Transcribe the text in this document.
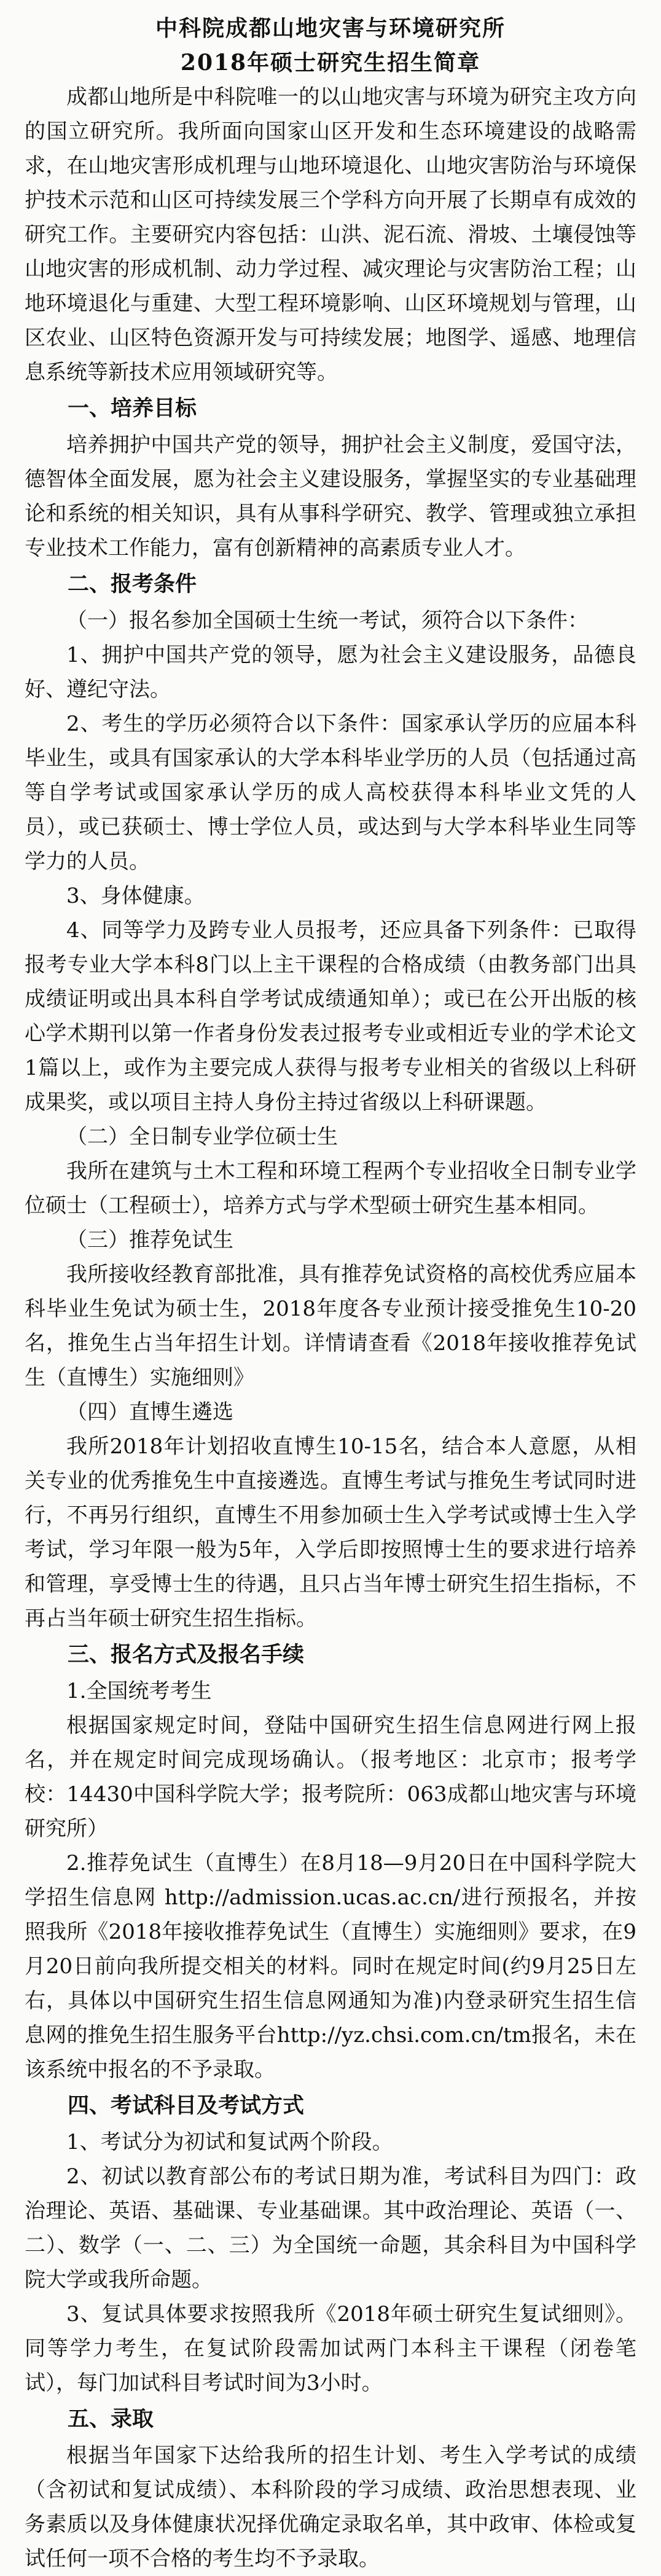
中科院成都山地灾害与环境研究所
2018年硕士研究生招生简章

成都山地所是中科院唯一的以山地灾害与环境为研究主攻方向的国立研究所。我所面向国家山区开发和生态环境建设的战略需求，在山地灾害形成机理与山地环境退化、山地灾害防治与环境保护技术示范和山区可持续发展三个学科方向开展了长期卓有成效的研究工作。主要研究内容包括：山洪、泥石流、滑坡、土壤侵蚀等山地灾害的形成机制、动力学过程、减灾理论与灾害防治工程；山地环境退化与重建、大型工程环境影响、山区环境规划与管理，山区农业、山区特色资源开发与可持续发展；地图学、遥感、地理信息系统等新技术应用领域研究等。

一、培养目标

培养拥护中国共产党的领导，拥护社会主义制度，爱国守法，德智体全面发展，愿为社会主义建设服务，掌握坚实的专业基础理论和系统的相关知识，具有从事科学研究、教学、管理或独立承担专业技术工作能力，富有创新精神的高素质专业人才。

二、报考条件

（一）报名参加全国硕士生统一考试，须符合以下条件：

1、拥护中国共产党的领导，愿为社会主义建设服务，品德良好、遵纪守法。

2、考生的学历必须符合以下条件：国家承认学历的应届本科毕业生，或具有国家承认的大学本科毕业学历的人员（包括通过高等自学考试或国家承认学历的成人高校获得本科毕业文凭的人员），或已获硕士、博士学位人员，或达到与大学本科毕业生同等学力的人员。

3、身体健康。

4、同等学力及跨专业人员报考，还应具备下列条件：已取得报考专业大学本科8门以上主干课程的合格成绩（由教务部门出具成绩证明或出具本科自学考试成绩通知单）；或已在公开出版的核心学术期刊以第一作者身份发表过报考专业或相近专业的学术论文1篇以上，或作为主要完成人获得与报考专业相关的省级以上科研成果奖，或以项目主持人身份主持过省级以上科研课题。

（二）全日制专业学位硕士生

我所在建筑与土木工程和环境工程两个专业招收全日制专业学位硕士（工程硕士），培养方式与学术型硕士研究生基本相同。

（三）推荐免试生

我所接收经教育部批准，具有推荐免试资格的高校优秀应届本科毕业生免试为硕士生，2018年度各专业预计接受推免生10-20名，推免生占当年招生计划。详情请查看《2018年接收推荐免试生（直博生）实施细则》

（四）直博生遴选

我所2018年计划招收直博生10-15名，结合本人意愿，从相关专业的优秀推免生中直接遴选。直博生考试与推免生考试同时进行，不再另行组织，直博生不用参加硕士生入学考试或博士生入学考试，学习年限一般为5年，入学后即按照博士生的要求进行培养和管理，享受博士生的待遇，且只占当年博士研究生招生指标，不再占当年硕士研究生招生指标。

三、报名方式及报名手续
1.全国统考考生

根据国家规定时间，登陆中国研究生招生信息网进行网上报名，并在规定时间完成现场确认。（报考地区：北京市；报考学校：14430中国科学院大学；报考院所：063成都山地灾害与环境研究所）

2.推荐免试生（直博生）在8月18—9月20日在中国科学院大学招生信息网 http://admission.ucas.ac.cn/进行预报名，并按照我所《2018年接收推荐免试生（直博生）实施细则》要求，在9月20日前向我所提交相关的材料。同时在规定时间(约9月25日左右，具体以中国研究生招生信息网通知为准)内登录研究生招生信息网的推免生招生服务平台http://yz.chsi.com.cn/tm报名，未在该系统中报名的不予录取。

四、考试科目及考试方式

1、考试分为初试和复试两个阶段。

2、初试以教育部公布的考试日期为准，考试科目为四门：政治理论、英语、基础课、专业基础课。其中政治理论、英语（一、二）、数学（一、二、三）为全国统一命题，其余科目为中国科学院大学或我所命题。

3、复试具体要求按照我所《2018年硕士研究生复试细则》。同等学力考生，在复试阶段需加试两门本科主干课程（闭卷笔试），每门加试科目考试时间为3小时。

五、录取

根据当年国家下达给我所的招生计划、考生入学考试的成绩（含初试和复试成绩）、本科阶段的学习成绩、政治思想表现、业务素质以及身体健康状况择优确定录取名单，其中政审、体检或复试任何一项不合格的考生均不予录取。
